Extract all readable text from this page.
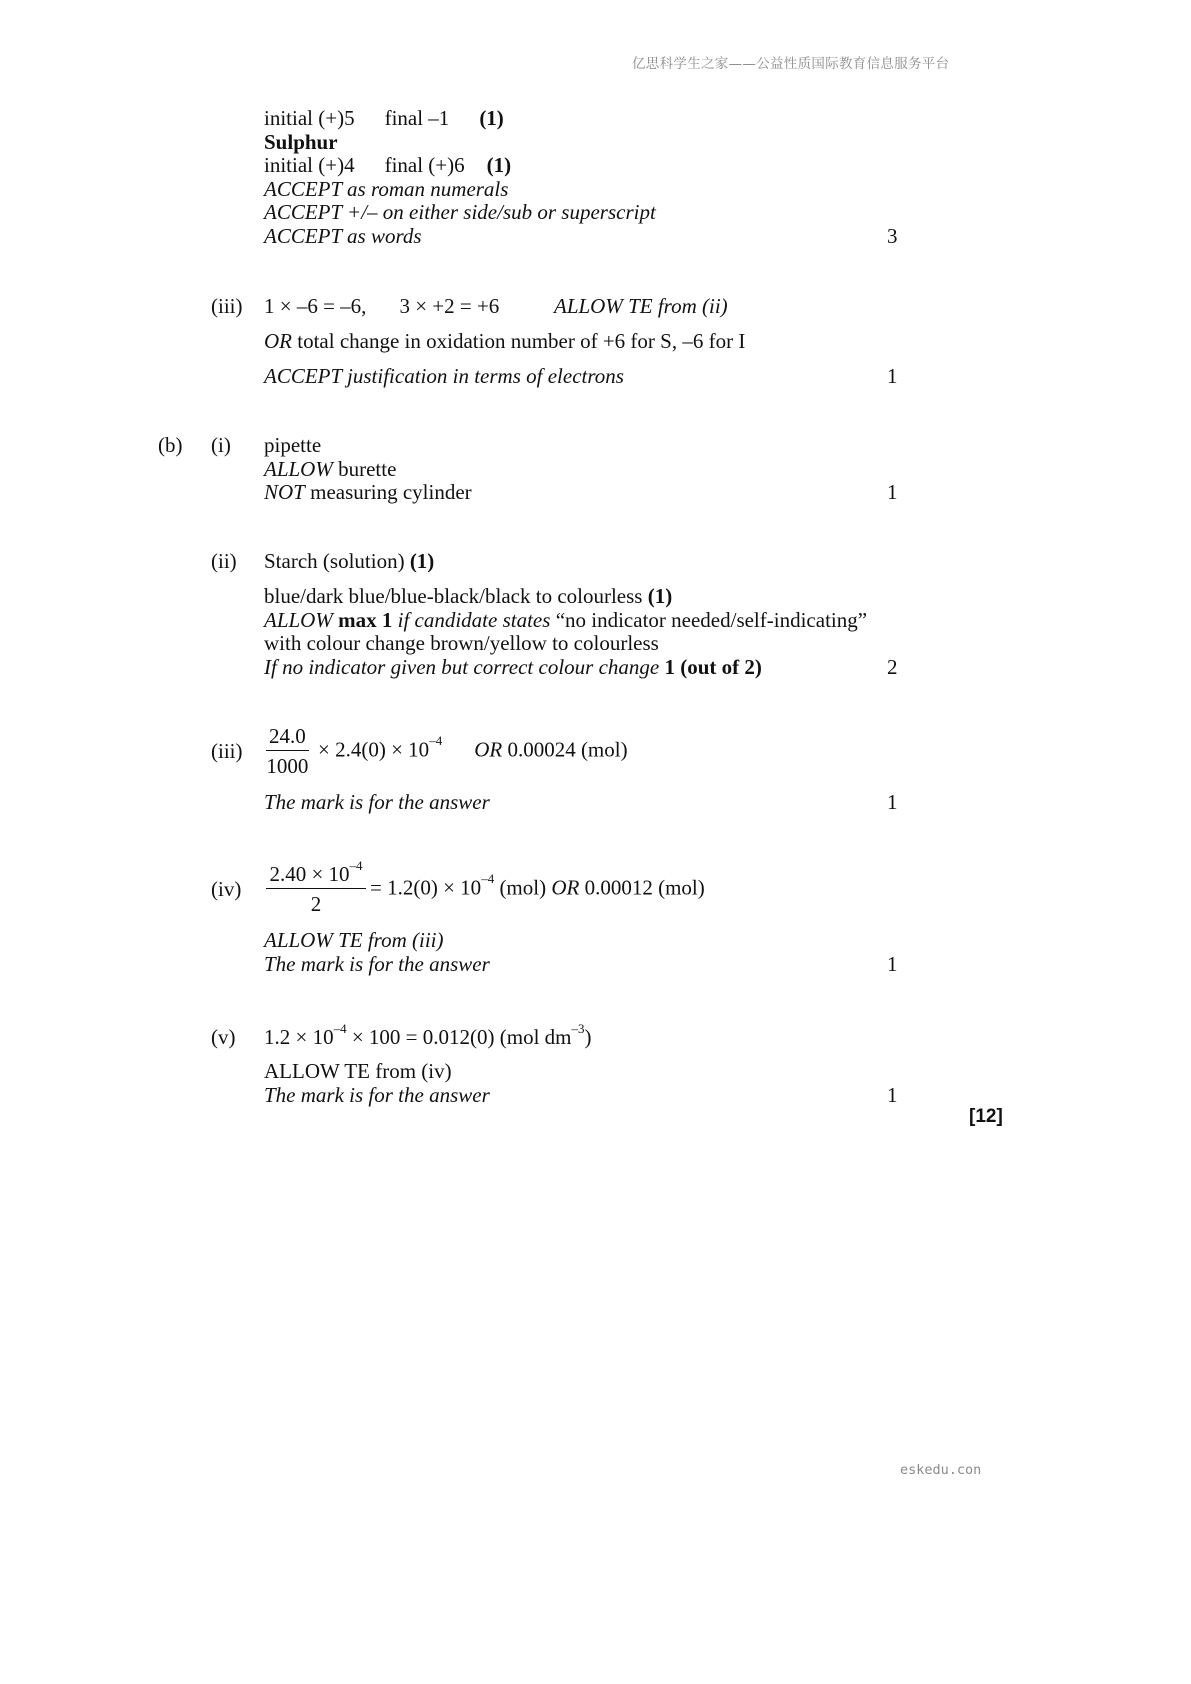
亿思科学生之家——公益性质国际教育信息服务平台
initial (+)5 final –1 (1)
Sulphur
initial (+)4 final (+)6 (1)
ACCEPT as roman numerals
ACCEPT +/– on either side/sub or superscript
ACCEPT as words	3
(iii) 1 × –6 = –6, 3 × +2 = +6	ALLOW TE from (ii)
OR total change in oxidation number of +6 for S, –6 for I
ACCEPT justification in terms of electrons	1
(b) (i) pipette
ALLOW burette
NOT measuring cylinder	1
(ii) Starch (solution) (1)
blue/dark blue/blue-black/black to colourless (1)
ALLOW max 1 if candidate states “no indicator needed/self-indicating”
with colour change brown/yellow to colourless
If no indicator given but correct colour change 1 (out of 2)	2
$(iii) \frac{24.0}{1000} \times 2.4(0) \times 10^{-4}$ OR 0.00024 (mol)
The mark is for the answer	1
$(iv) \frac{2.40 \times 10^{-4}}{2} = 1.2(0) \times 10^{-4}$ (mol) OR 0.00012 (mol)
ALLOW TE from (iii)
The mark is for the answer	1
(v) $1.2 \times 10^{-4} \times 100 = 0.012(0)$ (mol $dm^{-3}$)
ALLOW TE from (iv)
The mark is for the answer	1
[12]
eskedu.con
